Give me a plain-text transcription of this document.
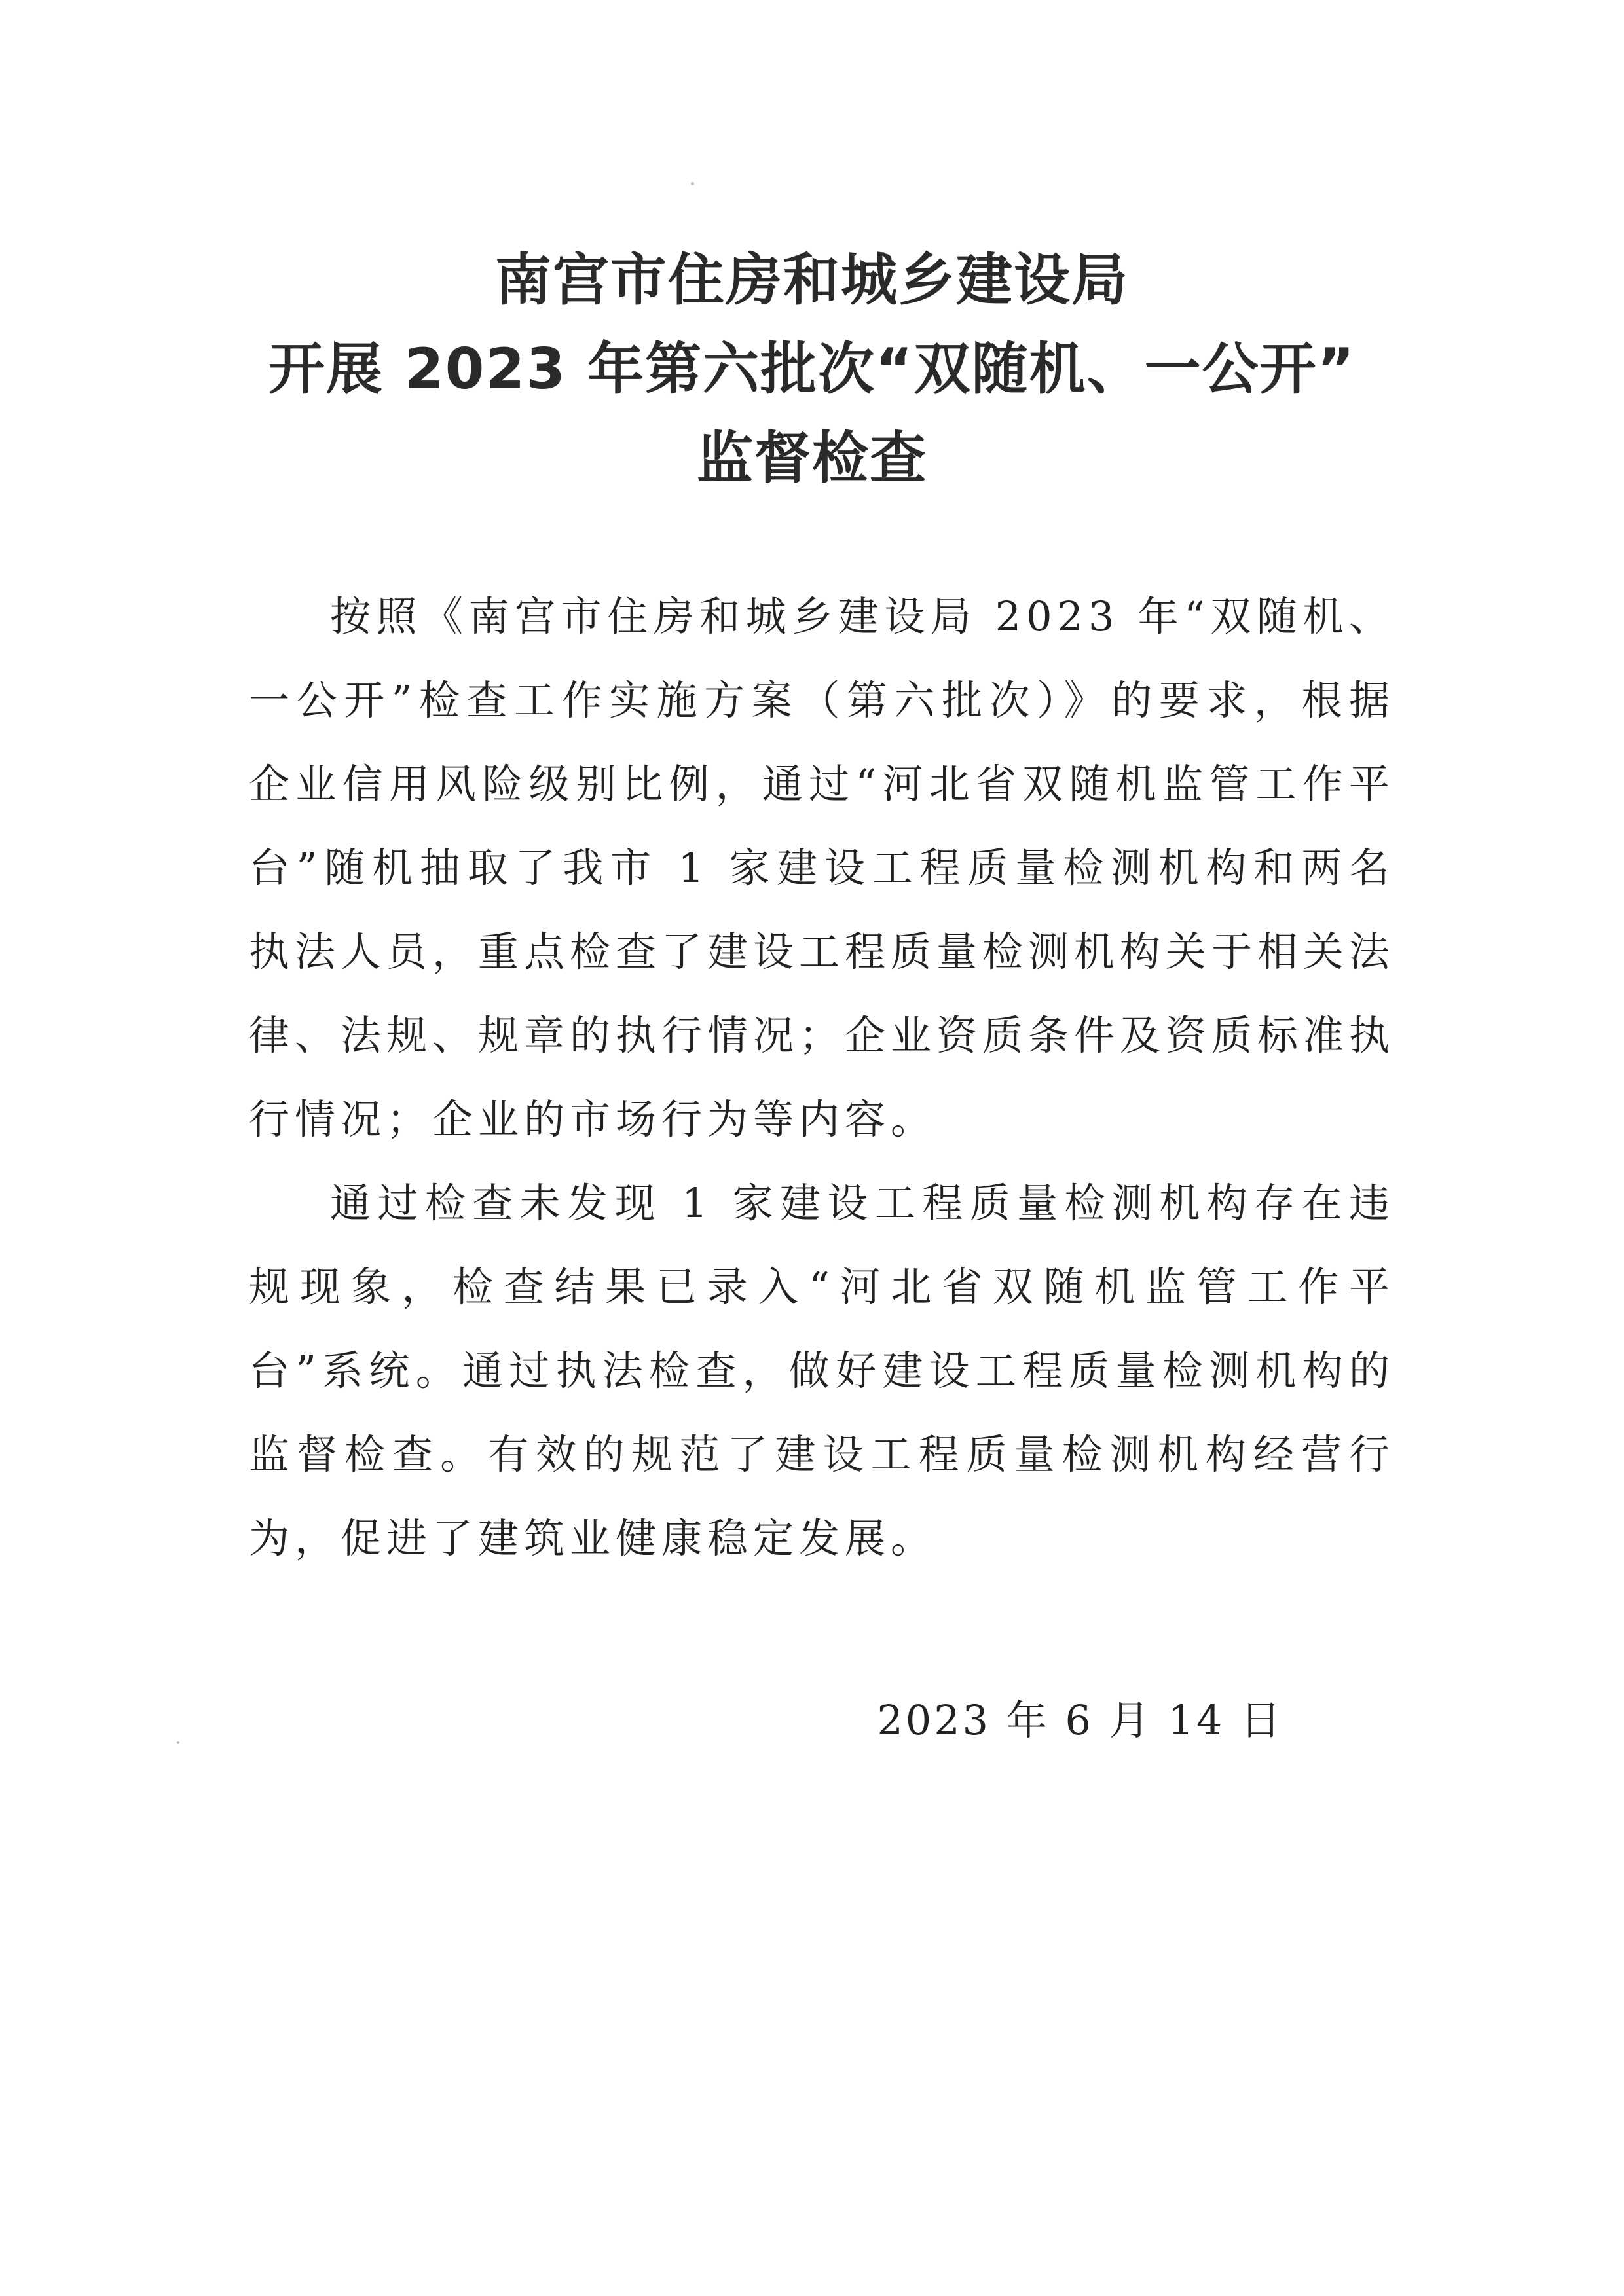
南宫市住房和城乡建设局
开展 2023 年第六批次“双随机、一公开”
监督检查

按照《南宫市住房和城乡建设局 2023 年“双随机、一公开”检查工作实施方案（第六批次）》的要求，根据企业信用风险级别比例，通过“河北省双随机监管工作平台”随机抽取了我市 1 家建设工程质量检测机构和两名执法人员，重点检查了建设工程质量检测机构关于相关法律、法规、规章的执行情况；企业资质条件及资质标准执行情况；企业的市场行为等内容。

通过检查未发现 1 家建设工程质量检测机构存在违规现象，检查结果已录入“河北省双随机监管工作平台”系统。通过执法检查，做好建设工程质量检测机构的监督检查。有效的规范了建设工程质量检测机构经营行为，促进了建筑业健康稳定发展。

2023 年 6 月 14 日
